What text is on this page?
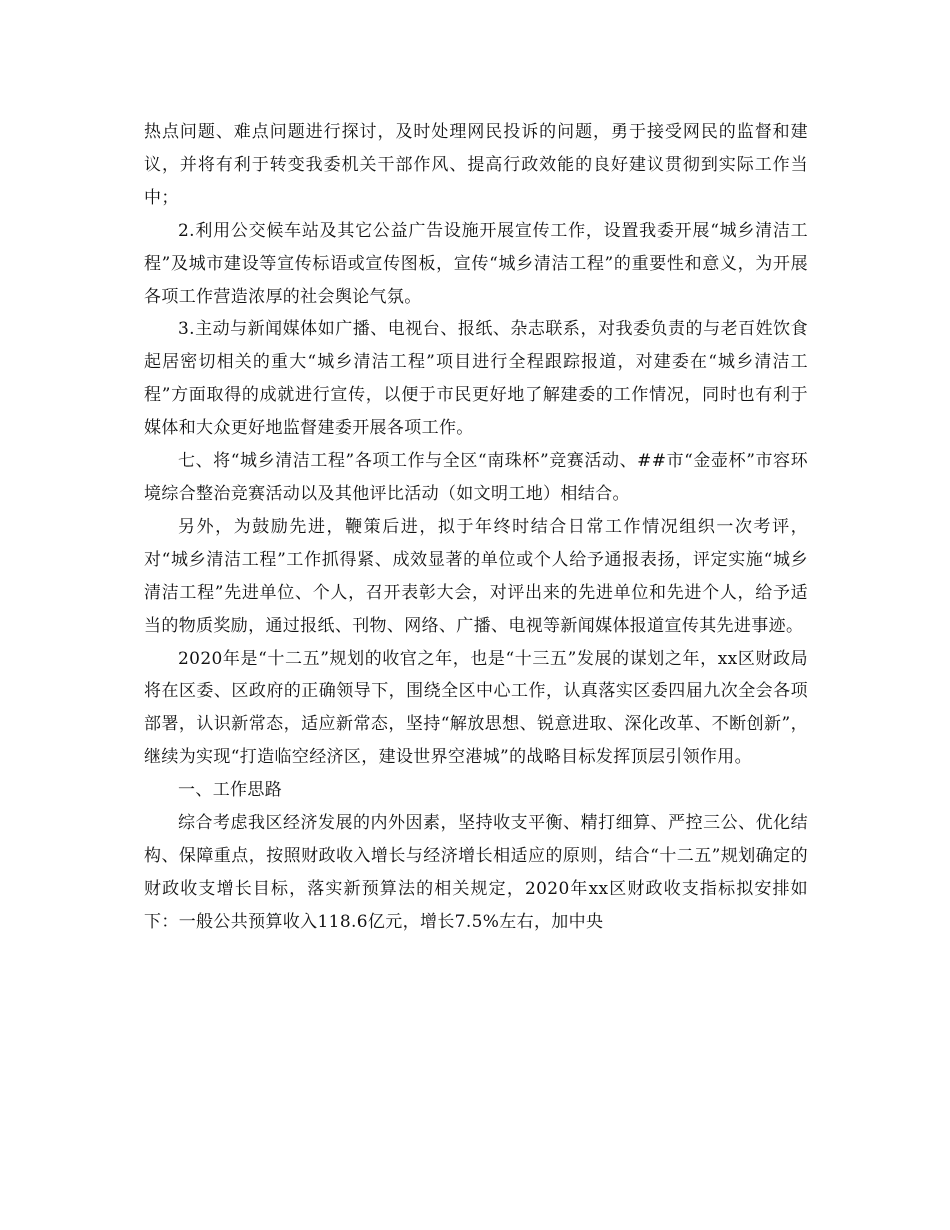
热点问题、难点问题进行探讨，及时处理网民投诉的问题，勇于接受网民的监督和建议，并将有利于转变我委机关干部作风、提高行政效能的良好建议贯彻到实际工作当中；

2.利用公交候车站及其它公益广告设施开展宣传工作，设置我委开展“城乡清洁工程”及城市建设等宣传标语或宣传图板，宣传“城乡清洁工程”的重要性和意义，为开展各项工作营造浓厚的社会舆论气氛。

3.主动与新闻媒体如广播、电视台、报纸、杂志联系，对我委负责的与老百姓饮食起居密切相关的重大“城乡清洁工程”项目进行全程跟踪报道，对建委在“城乡清洁工程”方面取得的成就进行宣传，以便于市民更好地了解建委的工作情况，同时也有利于媒体和大众更好地监督建委开展各项工作。

七、将“城乡清洁工程”各项工作与全区“南珠杯”竞赛活动、##市“金壶杯”市容环境综合整治竞赛活动以及其他评比活动（如文明工地）相结合。

另外，为鼓励先进，鞭策后进，拟于年终时结合日常工作情况组织一次考评，对“城乡清洁工程”工作抓得紧、成效显著的单位或个人给予通报表扬，评定实施“城乡清洁工程”先进单位、个人，召开表彰大会，对评出来的先进单位和先进个人，给予适当的物质奖励，通过报纸、刊物、网络、广播、电视等新闻媒体报道宣传其先进事迹。

2020年是“十二五”规划的收官之年，也是“十三五”发展的谋划之年，xx区财政局将在区委、区政府的正确领导下，围绕全区中心工作，认真落实区委四届九次全会各项部署，认识新常态，适应新常态，坚持“解放思想、锐意进取、深化改革、不断创新”，继续为实现“打造临空经济区，建设世界空港城”的战略目标发挥顶层引领作用。

一、工作思路

综合考虑我区经济发展的内外因素，坚持收支平衡、精打细算、严控三公、优化结构、保障重点，按照财政收入增长与经济增长相适应的原则，结合“十二五”规划确定的财政收支增长目标，落实新预算法的相关规定，2020年xx区财政收支指标拟安排如下：一般公共预算收入118.6亿元，增长7.5%左右，加中央
